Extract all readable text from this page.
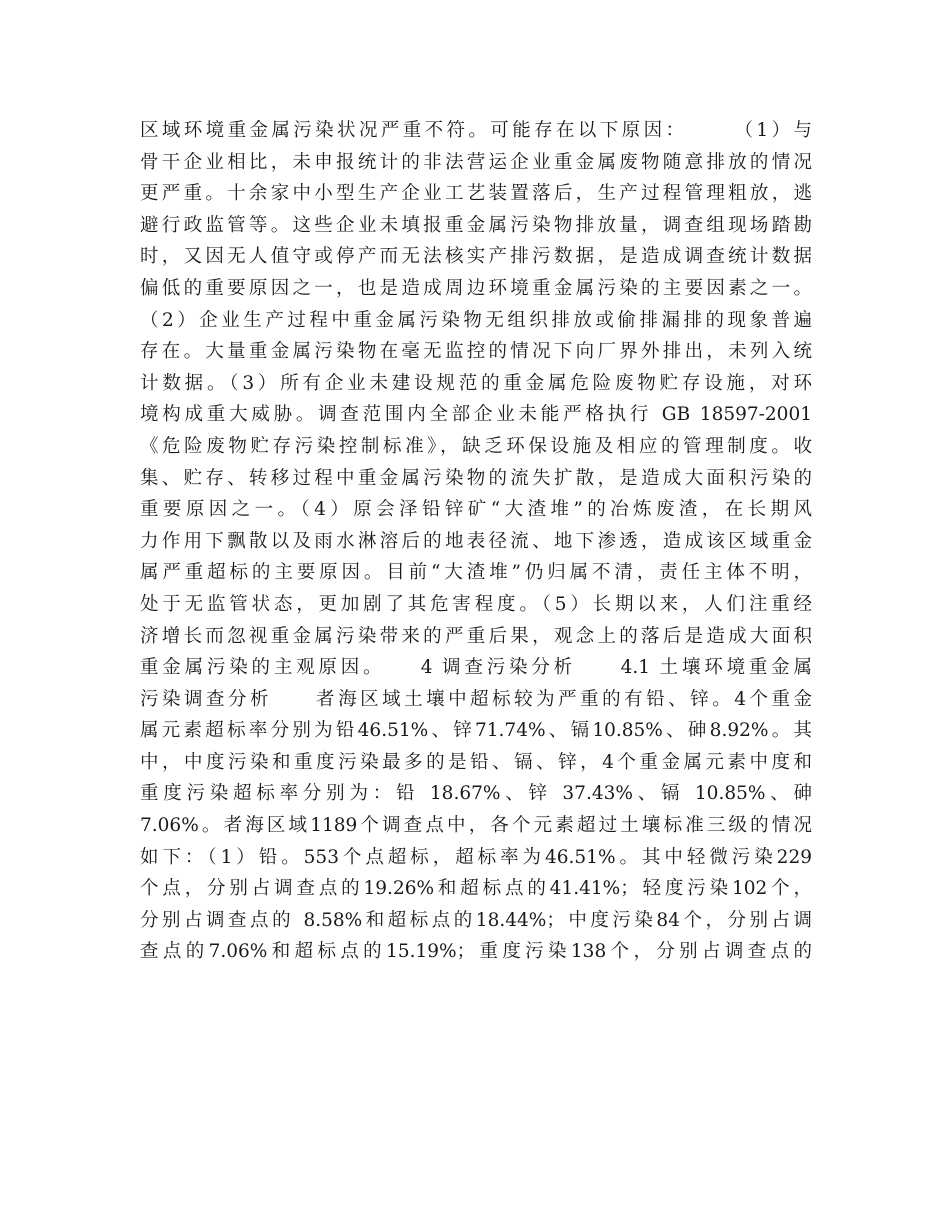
区域环境重金属污染状况严重不符。可能存在以下原因：　　　（1）与
骨干企业相比，未申报统计的非法营运企业重金属废物随意排放的情况
更严重。十余家中小型生产企业工艺装置落后，生产过程管理粗放，逃
避行政监管等。这些企业未填报重金属污染物排放量，调查组现场踏勘
时，又因无人值守或停产而无法核实产排污数据，是造成调查统计数据
偏低的重要原因之一，也是造成周边环境重金属污染的主要因素之一。
（2）企业生产过程中重金属污染物无组织排放或偷排漏排的现象普遍
存在。大量重金属污染物在毫无监控的情况下向厂界外排出，未列入统
计数据。（3）所有企业未建设规范的重金属危险废物贮存设施，对环
境构成重大威胁。调查范围内全部企业未能严格执行 GB 18597-2001
《危险废物贮存污染控制标准》，缺乏环保设施及相应的管理制度。收
集、贮存、转移过程中重金属污染物的流失扩散，是造成大面积污染的
重要原因之一。（4）原会泽铅锌矿“大渣堆”的冶炼废渣，在长期风
力作用下飘散以及雨水淋溶后的地表径流、地下渗透，造成该区域重金
属严重超标的主要原因。目前“大渣堆”仍归属不清，责任主体不明，
处于无监管状态，更加剧了其危害程度。（5）长期以来，人们注重经
济增长而忽视重金属污染带来的严重后果，观念上的落后是造成大面积
重金属污染的主观原因。　　4 调查污染分析　　4.1 土壤环境重金属
污染调查分析　　者海区域土壤中超标较为严重的有铅、锌。4个重金
属元素超标率分别为铅46.51%、锌71.74%、镉10.85%、砷8.92%。其
中，中度污染和重度污染最多的是铅、镉、锌，4个重金属元素中度和
重度污染超标率分别为：铅 18.67%、锌 37.43%、镉 10.85%、砷
7.06%。者海区域1189个调查点中，各个元素超过土壤标准三级的情况
如下：（1）铅。553个点超标，超标率为46.51%。其中轻微污染229
个点，分别占调查点的19.26%和超标点的41.41%；轻度污染102个，
分别占调查点的 8.58%和超标点的18.44%；中度污染84个，分别占调
查点的7.06%和超标点的15.19%；重度污染138个，分别占调查点的
